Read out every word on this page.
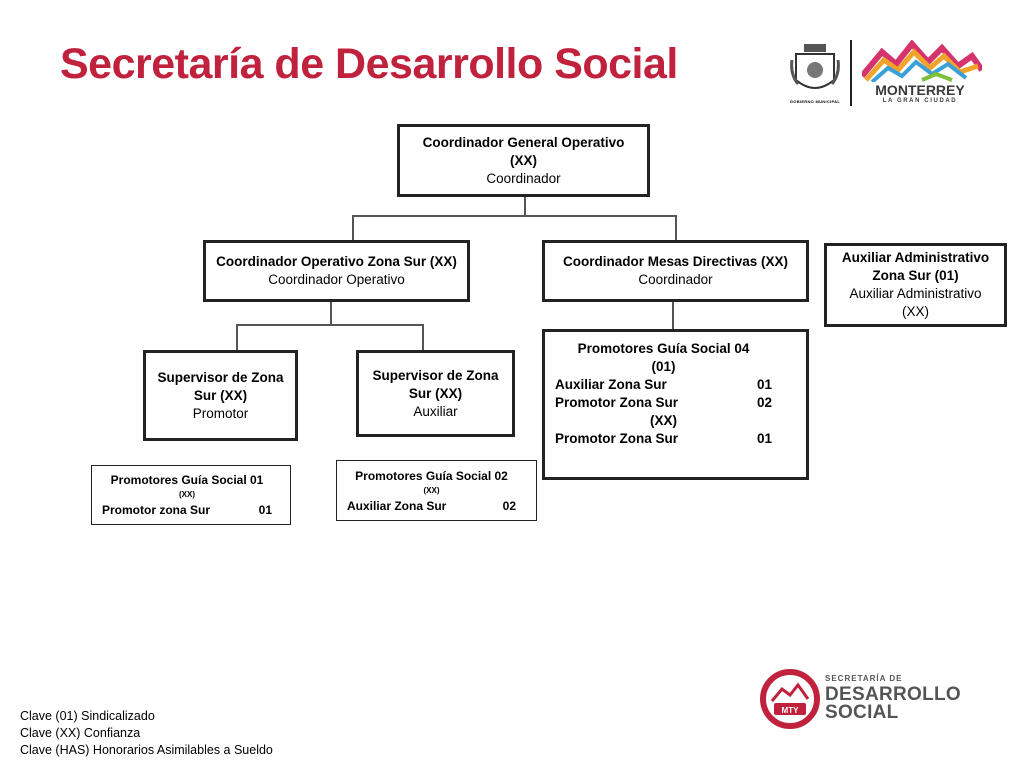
Secretaría de Desarrollo Social
GOBIERNO MUNICIPAL
MONTERREY
LA GRAN CIUDAD
Coordinador General Operativo
(XX)
Coordinador
Coordinador Operativo Zona Sur (XX)
Coordinador Operativo
Coordinador Mesas Directivas (XX)
Coordinador
Auxiliar Administrativo
Zona Sur (01)
Auxiliar Administrativo
(XX)
Supervisor de Zona
Sur (XX)
Promotor
Supervisor de Zona
Sur (XX)
Auxiliar
Promotores Guía Social 04
(01)
Auxiliar Zona Sur	01
Promotor Zona Sur	02
(XX)
Promotor Zona Sur	01
Promotores Guía Social 01
(XX)
Promotor zona Sur	01
Promotores Guía Social 02
(XX)
Auxiliar Zona Sur	02
Clave (01) Sindicalizado
Clave (XX) Confianza
Clave (HAS) Honorarios Asimilables a Sueldo
MTY
SECRETARÍA DE
DESARROLLO
SOCIAL
